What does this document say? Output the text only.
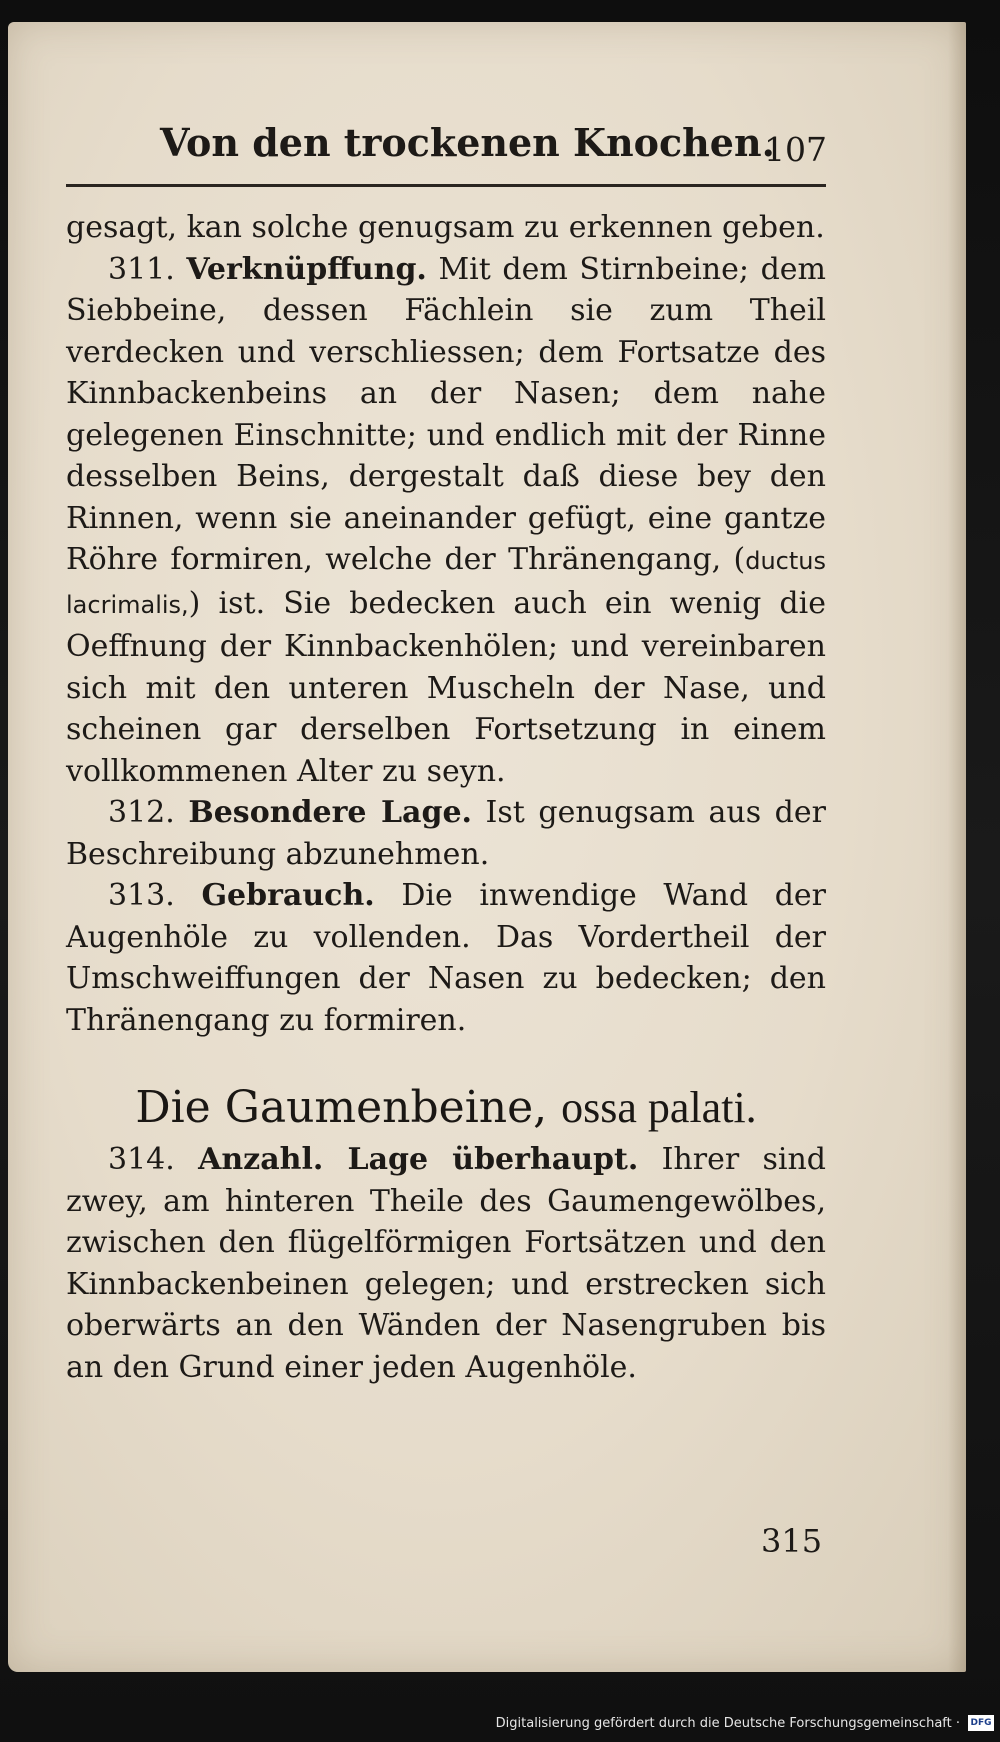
Von den trockenen Knochen.
107

gesagt, kan solche genugsam zu erkennen geben.

311. Verknüpffung. Mit dem Stirnbeine; dem Siebbeine, dessen Fächlein sie zum Theil verdecken und verschliessen; dem Fortsatze des Kinnbackenbeins an der Nasen; dem nahe gelegenen Einschnitte; und endlich mit der Rinne desselben Beins, dergestalt daß diese bey den Rinnen, wenn sie aneinander gefügt, eine gantze Röhre formiren, welche der Thränengang, (ductus lacrimalis,) ist. Sie bedecken auch ein wenig die Oeffnung der Kinnbackenhölen; und vereinbaren sich mit den unteren Muscheln der Nase, und scheinen gar derselben Fortsetzung in einem vollkommenen Alter zu seyn.

312. Besondere Lage. Ist genugsam aus der Beschreibung abzunehmen.

313. Gebrauch. Die inwendige Wand der Augenhöle zu vollenden. Das Vordertheil der Umschweiffungen der Nasen zu bedecken; den Thränengang zu formiren.

Die Gaumenbeine, ossa palati.

314. Anzahl. Lage überhaupt. Ihrer sind zwey, am hinteren Theile des Gaumengewölbes, zwischen den flügelförmigen Fortsätzen und den Kinnbackenbeinen gelegen; und erstrecken sich oberwärts an den Wänden der Nasengruben bis an den Grund einer jeden Augenhöle.

315
Digitalisierung gefördert durch die Deutsche Forschungsgemeinschaft · DFG
